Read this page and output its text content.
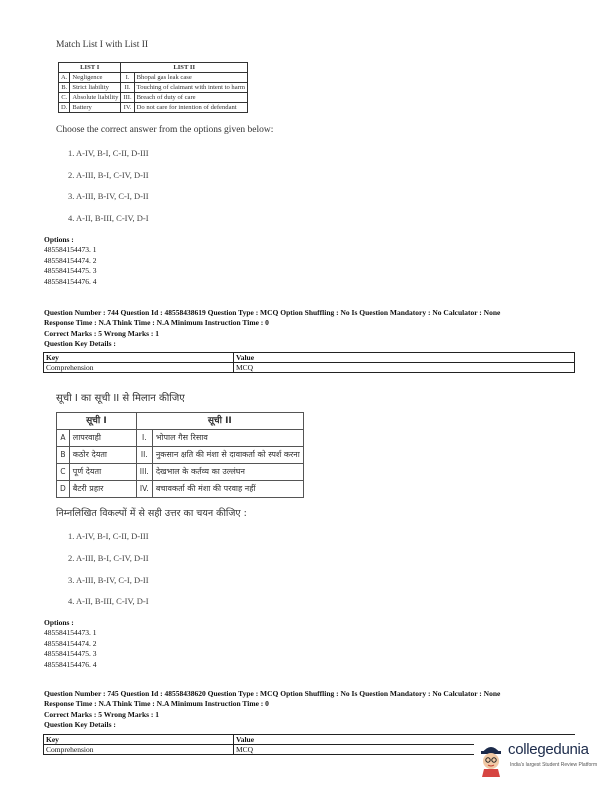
Match List I with List II
LIST I		LIST II	
A.	Negligence	I.	Bhopal gas leak case
B.	Strict liability	II.	Touching of claimant with intent to harm
C.	Absolute liability	III.	Breach of duty of care
D.	Battery	IV.	Do not care for intention of defendant
Choose the correct answer from the options given below:
1. A-IV, B-I, C-II, D-III
2. A-III, B-I, C-IV, D-II
3. A-III, B-IV, C-I, D-II
4. A-II, B-III, C-IV, D-I
Options :
485584154473. 1
485584154474. 2
485584154475. 3
485584154476. 4
Question Number : 744 Question Id : 48558438619 Question Type : MCQ Option Shuffling : No Is Question Mandatory : No Calculator : None
Response Time : N.A Think Time : N.A Minimum Instruction Time : 0
Correct Marks : 5 Wrong Marks : 1
Question Key Details :
Key	Value
Comprehension	MCQ
सूची I का सूची II से मिलान कीजिए
सूची I		सूची II	
A	लापरवाही	I.	भोपाल गैस रिसाव
B	कठोर देयता	II.	नुकसान क्षति की मंशा से दावाकर्ता को स्पर्श करना
C	पूर्ण देयता	III.	देखभाल के कर्तव्य का उल्लंघन
D	बैटरी प्रहार	IV.	बचावकर्ता की मंशा की परवाह नहीं
निम्नलिखित विकल्पों में से सही उत्तर का चयन कीजिए :
1. A-IV, B-I, C-II, D-III
2. A-III, B-I, C-IV, D-II
3. A-III, B-IV, C-I, D-II
4. A-II, B-III, C-IV, D-I
Options :
485584154473. 1
485584154474. 2
485584154475. 3
485584154476. 4
Question Number : 745 Question Id : 48558438620 Question Type : MCQ Option Shuffling : No Is Question Mandatory : No Calculator : None
Response Time : N.A Think Time : N.A Minimum Instruction Time : 0
Correct Marks : 5 Wrong Marks : 1
Question Key Details :
Key	Value
Comprehension	MCQ	collegedunia
India's largest Student Review Platform
